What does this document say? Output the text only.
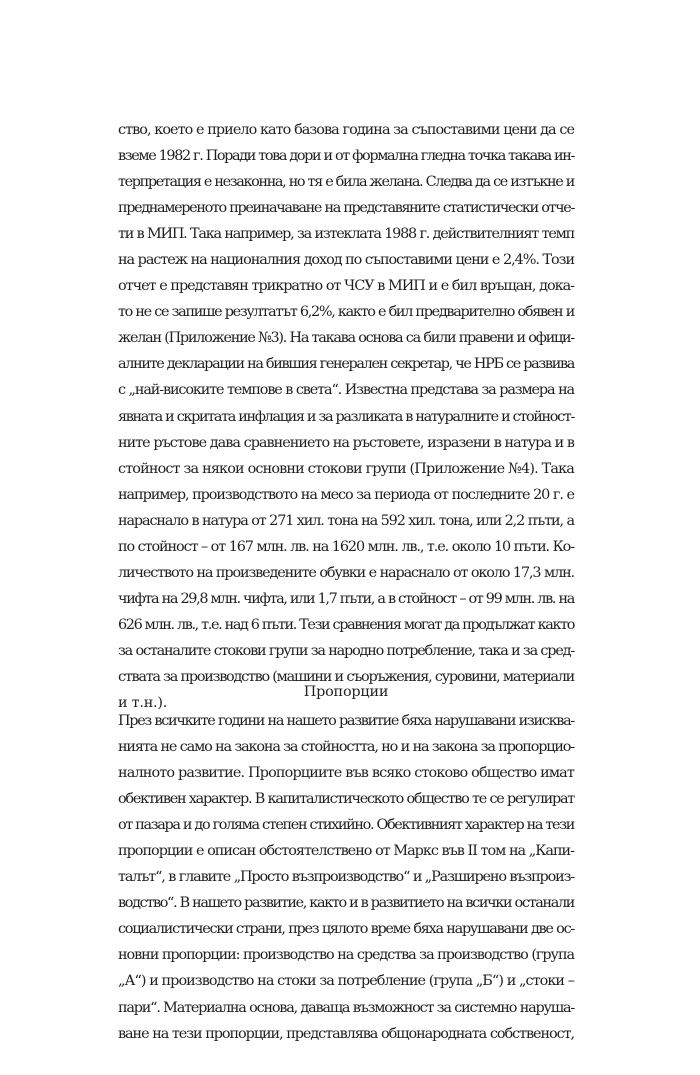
ство, което е приело като базова година за съпоставими цени да се
вземе 1982 г. Поради това дори и от формална гледна точка такава ин-
терпретация е незаконна, но тя е била желана. Следва да се изтъкне и
преднамереното преиначаване на представяните статистически отче-
ти в МИП. Така например, за изтеклата 1988 г. действителният темп
на растеж на националния доход по съпоставими цени е 2,4%. Този
отчет е представян трикратно от ЧСУ в МИП и е бил връщан, дока-
то не се запише резултатът 6,2%, както е бил предварително обявен и
желан (Приложение №3). На такава основа са били правени и офици-
алните декларации на бившия генерален секретар, че НРБ се развива
с „най-високите темпове в света“. Известна представа за размера на
явната и скритата инфлация и за разликата в натуралните и стойност-
ните ръстове дава сравнението на ръстовете, изразени в натура и в
стойност за някои основни стокови групи (Приложение №4). Така
например, производството на месо за периода от последните 20 г. е
нараснало в натура от 271 хил. тона на 592 хил. тона, или 2,2 пъти, а
по стойност – от 167 млн. лв. на 1620 млн. лв., т.е. около 10 пъти. Ко-
личеството на произведените обувки е нараснало от около 17,3 млн.
чифта на 29,8 млн. чифта, или 1,7 пъти, а в стойност – от 99 млн. лв. на
626 млн. лв., т.е. над 6 пъти. Тези сравнения могат да продължат както
за останалите стокови групи за народно потребление, така и за сред-
ствата за производство (машини и съоръжения, суровини, материали
и т.н.).
Пропорции
През всичките години на нашето развитие бяха нарушавани изисква-
нията не само на закона за стойността, но и на закона за пропорцио-
налното развитие. Пропорциите във всяко стоково общество имат
обективен характер. В капиталистическото общество те се регулират
от пазара и до голяма степен стихийно. Обективният характер на тези
пропорции е описан обстоятелствено от Маркс във II том на „Капи-
талът“, в главите „Просто възпроизводство“ и „Разширено възпроиз-
водство“. В нашето развитие, както и в развитието на всички останали
социалистически страни, през цялото време бяха нарушавани две ос-
новни пропорции: производство на средства за производство (група
„А“) и производство на стоки за потребление (група „Б“) и „стоки –
пари“. Материална основа, даваща възможност за системно наруша-
ване на тези пропорции, представлява общонародната собственост,
